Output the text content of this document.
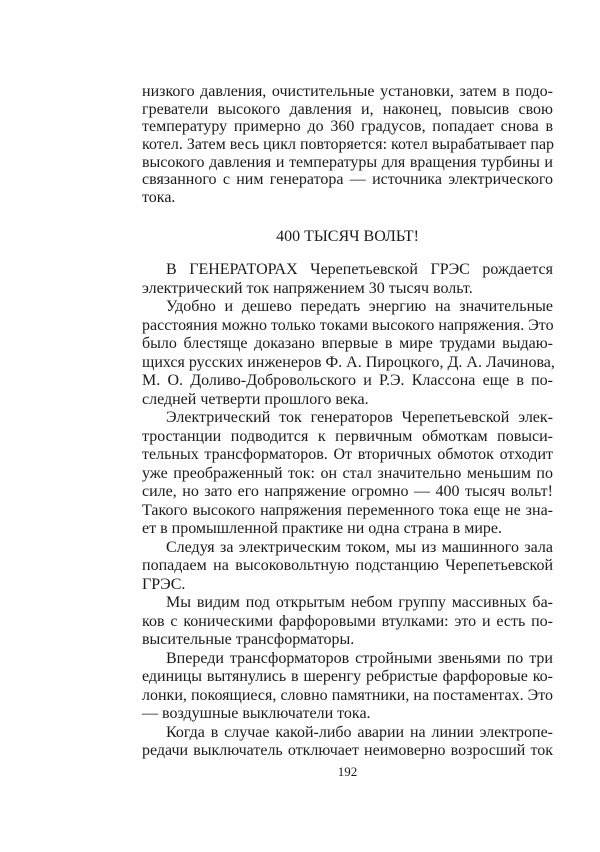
низкого давления, очистительные установки, затем в подо-
греватели высокого давления и, наконец, повысив свою
температуру примерно до 360 градусов, попадает снова в
котел. Затем весь цикл повторяется: котел вырабатывает пар
высокого давления и температуры для вращения турбины и
связанного с ним генератора — источника электрического
тока.
400 ТЫСЯЧ ВОЛЬТ!
В ГЕНЕРАТОРАХ Черепетьевской ГРЭС рождается
электрический ток напряжением 30 тысяч вольт.
Удобно и дешево передать энергию на значительные
расстояния можно только токами высокого напряжения. Это
было блестяще доказано впервые в мире трудами выдаю-
щихся русских инженеров Ф. А. Пироцкого, Д. А. Лачинова,
М. О. Доливо-Добровольского и Р.Э. Классона еще в по-
следней четверти прошлого века.
Электрический ток генераторов Черепетьевской элек-
тростанции подводится к первичным обмоткам повыси-
тельных трансформаторов. От вторичных обмоток отходит
уже преображенный ток: он стал значительно меньшим по
силе, но зато его напряжение огромно — 400 тысяч вольт!
Такого высокого напряжения переменного тока еще не зна-
ет в промышленной практике ни одна страна в мире.
Следуя за электрическим током, мы из машинного зала
попадаем на высоковольтную подстанцию Черепетьевской
ГРЭС.
Мы видим под открытым небом группу массивных ба-
ков с коническими фарфоровыми втулками: это и есть по-
высительные трансформаторы.
Впереди трансформаторов стройными звеньями по три
единицы вытянулись в шеренгу ребристые фарфоровые ко-
лонки, покоящиеся, словно памятники, на постаментах. Это
— воздушные выключатели тока.
Когда в случае какой-либо аварии на линии электропе-
редачи выключатель отключает неимоверно возросший ток
192
